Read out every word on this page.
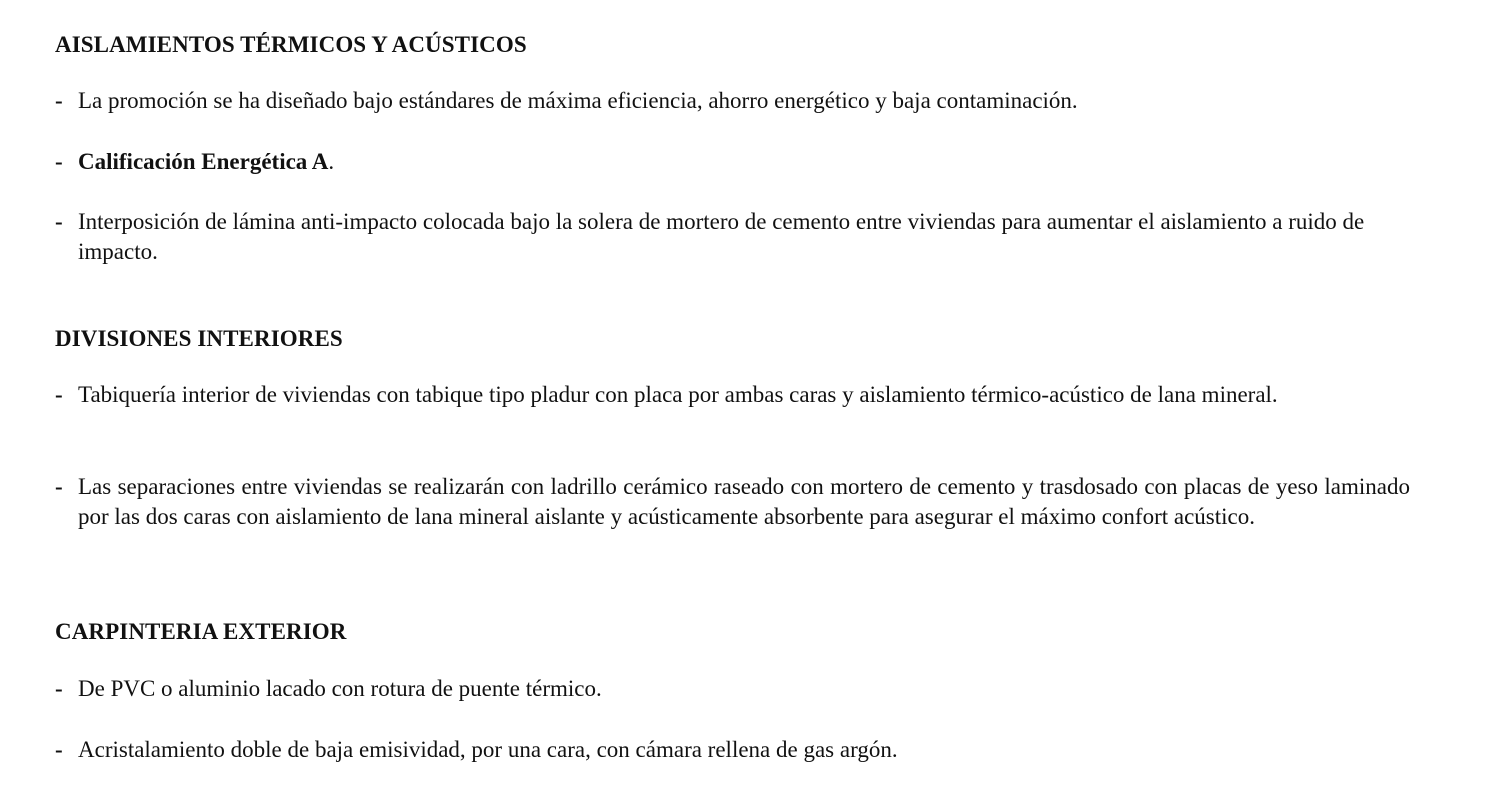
AISLAMIENTOS TÉRMICOS Y ACÚSTICOS
- La promoción se ha diseñado bajo estándares de máxima eficiencia, ahorro energético y baja contaminación.
- Calificación Energética A.
- Interposición de lámina anti-impacto colocada bajo la solera de mortero de cemento entre viviendas para aumentar el aislamiento a ruido de impacto.
DIVISIONES INTERIORES
- Tabiquería interior de viviendas con tabique tipo pladur con placa por ambas caras y aislamiento térmico-acústico de lana mineral.
- Las separaciones entre viviendas se realizarán con ladrillo cerámico raseado con mortero de cemento y trasdosado con placas de yeso laminado por las dos caras con aislamiento de lana mineral aislante y acústicamente absorbente para asegurar el máximo confort acústico.
CARPINTERIA EXTERIOR
- De PVC o aluminio lacado con rotura de puente térmico.
- Acristalamiento doble de baja emisividad, por una cara, con cámara rellena de gas argón.
